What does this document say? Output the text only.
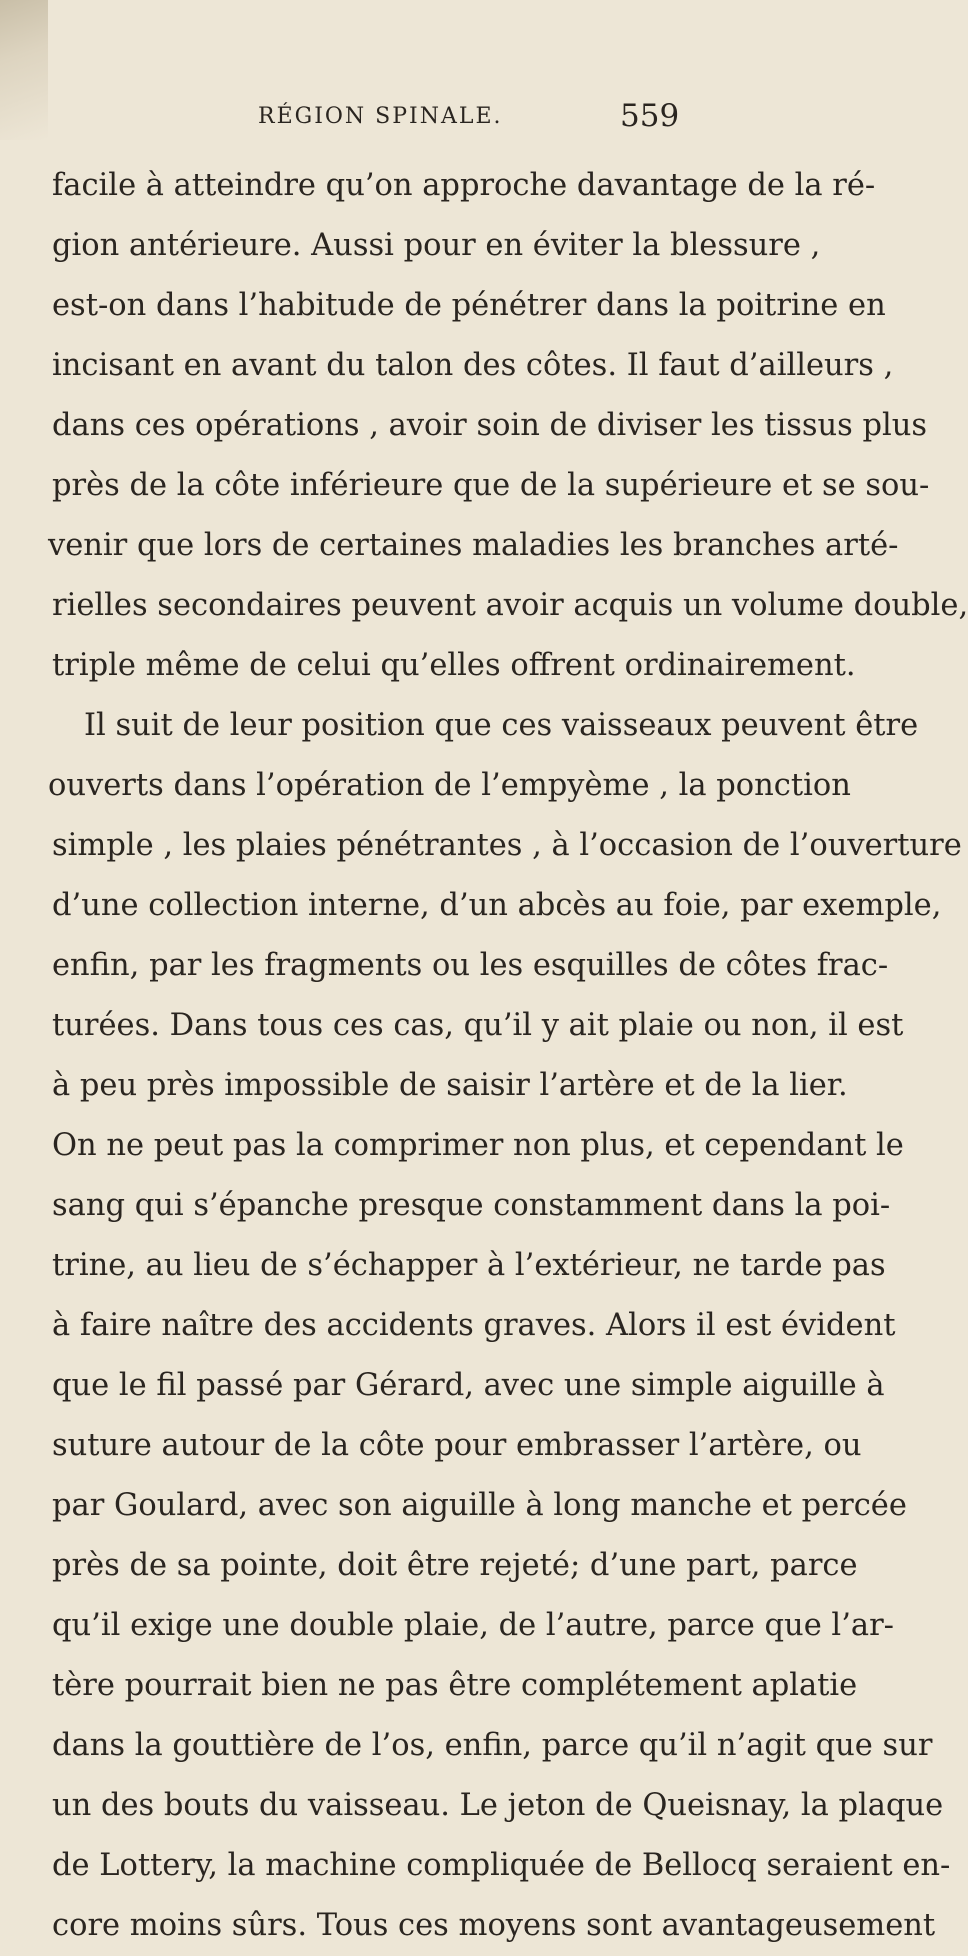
RÉGION SPINALE.	559
facile à atteindre qu’on approche davantage de la ré-
gion antérieure. Aussi pour en éviter la blessure ,
est-on dans l’habitude de pénétrer dans la poitrine en
incisant en avant du talon des côtes. Il faut d’ailleurs ,
dans ces opérations , avoir soin de diviser les tissus plus
près de la côte inférieure que de la supérieure et se sou-
venir que lors de certaines maladies les branches arté-
rielles secondaires peuvent avoir acquis un volume double,
triple même de celui qu’elles offrent ordinairement.
Il suit de leur position que ces vaisseaux peuvent être
ouverts dans l’opération de l’empyème , la ponction
simple , les plaies pénétrantes , à l’occasion de l’ouverture
d’une collection interne, d’un abcès au foie, par exemple,
enfin, par les fragments ou les esquilles de côtes frac-
turées. Dans tous ces cas, qu’il y ait plaie ou non, il est
à peu près impossible de saisir l’artère et de la lier.
On ne peut pas la comprimer non plus, et cependant le
sang qui s’épanche presque constamment dans la poi-
trine, au lieu de s’échapper à l’extérieur, ne tarde pas
à faire naître des accidents graves. Alors il est évident
que le fil passé par Gérard, avec une simple aiguille à
suture autour de la côte pour embrasser l’artère, ou
par Goulard, avec son aiguille à long manche et percée
près de sa pointe, doit être rejeté; d’une part, parce
qu’il exige une double plaie, de l’autre, parce que l’ar-
tère pourrait bien ne pas être complétement aplatie
dans la gouttière de l’os, enfin, parce qu’il n’agit que sur
un des bouts du vaisseau. Le jeton de Queisnay, la plaque
de Lottery, la machine compliquée de Bellocq seraient en-
core moins sûrs. Tous ces moyens sont avantageusement
